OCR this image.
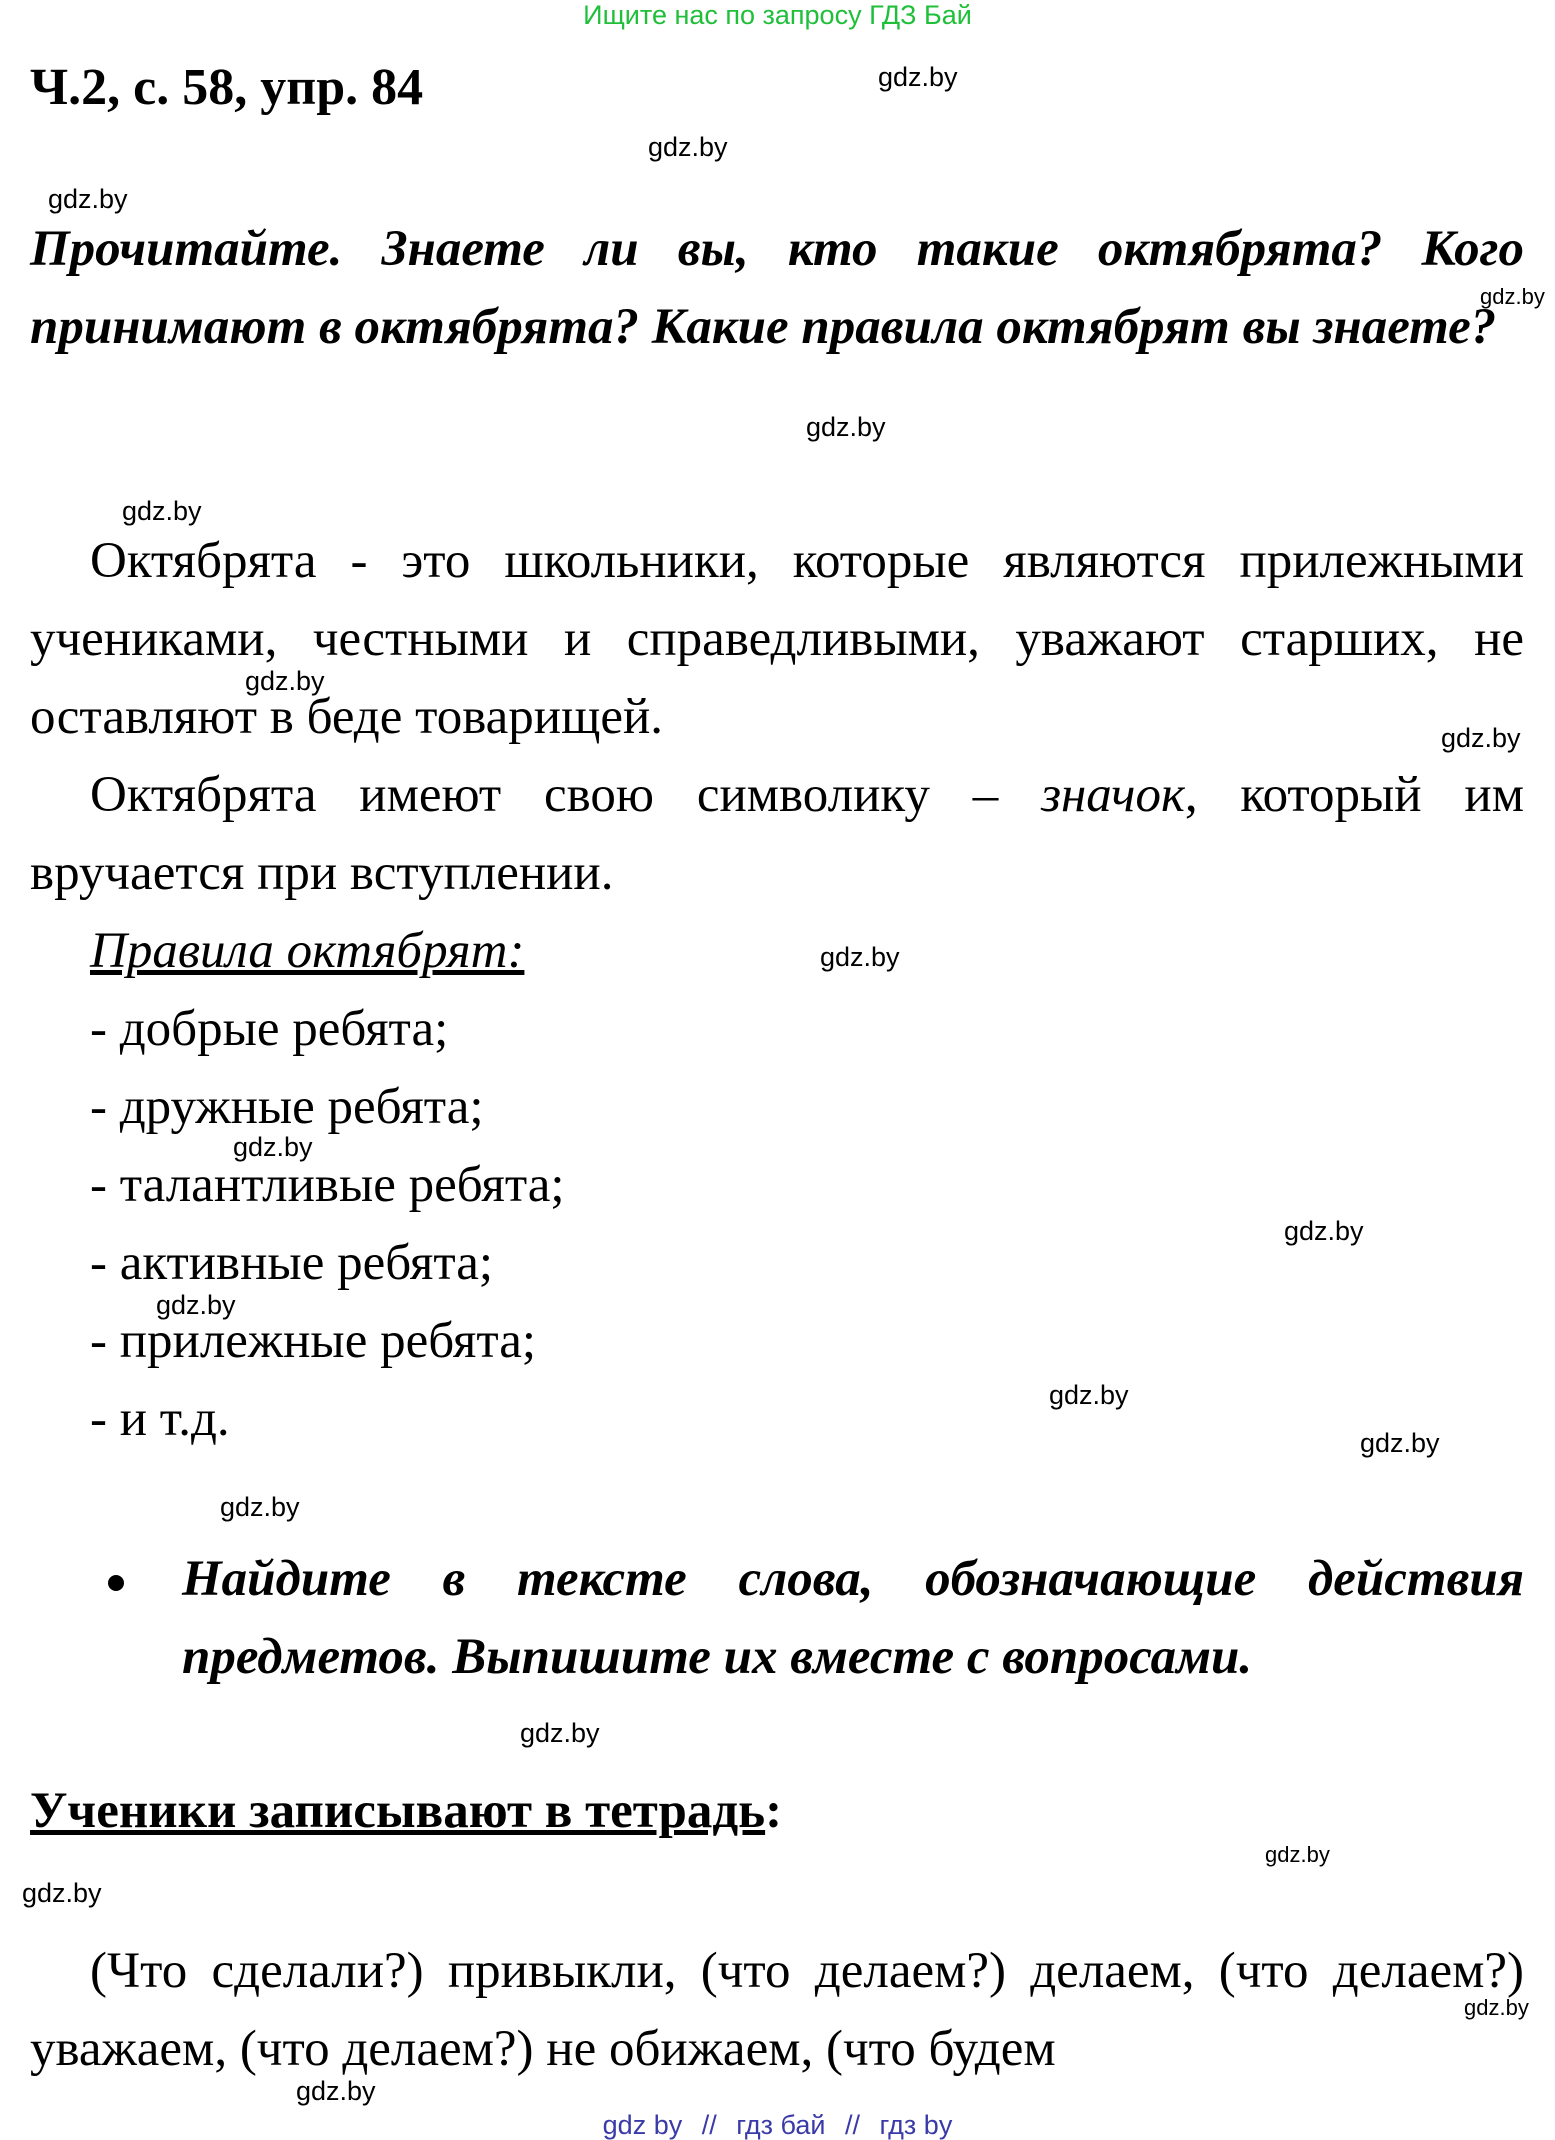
Ищите нас по запросу ГДЗ Бай
Ч.2, с. 58, упр. 84
Прочитайте. Знаете ли вы, кто такие октябрята? Кого принимают в октябрята? Какие правила октябрят вы знаете?
Октябрята - это школьники, которые являются прилежными учениками, честными и справедливыми, уважают старших, не оставляют в беде товарищей.
Октябрята имеют свою символику – значок, который им вручается при вступлении.
Правила октябрят:
- добрые ребята;
- дружные ребята;
- талантливые ребята;
- активные ребята;
- прилежные ребята;
- и т.д.
Найдите в тексте слова, обозначающие действия предметов. Выпишите их вместе с вопросами.
Ученики записывают в тетрадь:
(Что сделали?) привыкли, (что делаем?) делаем, (что делаем?) уважаем, (что делаем?) не обижаем, (что будем
gdz.by
gdz.by
gdz.by
gdz.by
gdz.by
gdz.by
gdz.by
gdz.by
gdz.by
gdz.by
gdz.by
gdz.by
gdz.by
gdz.by
gdz.by
gdz.by
gdz.by
gdz.by
gdz.by
gdz.by
gdz by // гдз бай // гдз by
